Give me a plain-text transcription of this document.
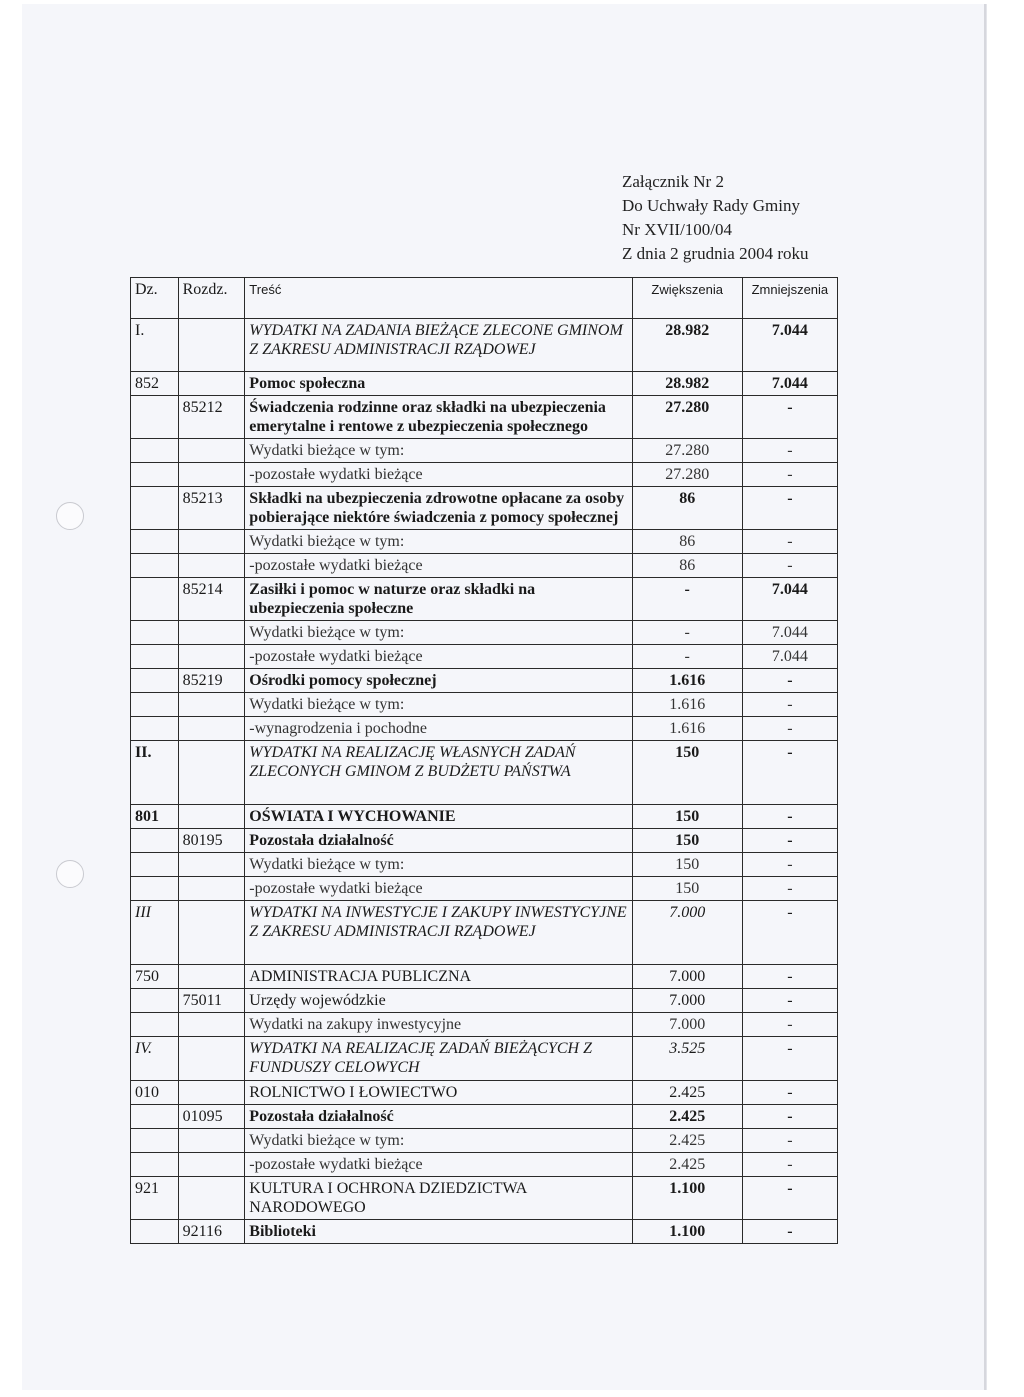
Załącznik Nr 2
Do Uchwały Rady Gminy
Nr XVII/100/04
Z dnia 2 grudnia 2004 roku
Dz.	Rozdz.	Treść	Zwiększenia	Zmniejszenia
I.		WYDATKI NA ZADANIA BIEŻĄCE ZLECONE GMINOM Z ZAKRESU ADMINISTRACJI RZĄDOWEJ	28.982	7.044
852		Pomoc społeczna	28.982	7.044
	85212	Świadczenia rodzinne oraz składki na ubezpieczenia emerytalne i rentowe z ubezpieczenia społecznego	27.280	-
		Wydatki bieżące w tym:	27.280	-
		-pozostałe wydatki bieżące	27.280	-
	85213	Składki na ubezpieczenia zdrowotne opłacane za osoby pobierające niektóre świadczenia z pomocy społecznej	86	-
		Wydatki bieżące w tym:	86	-
		-pozostałe wydatki bieżące	86	-
	85214	Zasiłki i pomoc w naturze oraz składki na ubezpieczenia społeczne	-	7.044
		Wydatki bieżące w tym:	-	7.044
		-pozostałe wydatki bieżące	-	7.044
	85219	Ośrodki pomocy społecznej	1.616	-
		Wydatki bieżące w tym:	1.616	-
		-wynagrodzenia i pochodne	1.616	-
II.		WYDATKI NA REALIZACJĘ WŁASNYCH ZADAŃ ZLECONYCH GMINOM Z BUDŻETU PAŃSTWA	150	-
801		OŚWIATA I WYCHOWANIE	150	-
	80195	Pozostała działalność	150	-
		Wydatki bieżące w tym:	150	-
		-pozostałe wydatki bieżące	150	-
III		WYDATKI NA INWESTYCJE I ZAKUPY INWESTYCYJNE Z ZAKRESU ADMINISTRACJI RZĄDOWEJ	7.000	-
750		ADMINISTRACJA PUBLICZNA	7.000	-
	75011	Urzędy wojewódzkie	7.000	-
		Wydatki na zakupy inwestycyjne	7.000	-
IV.		WYDATKI NA REALIZACJĘ ZADAŃ BIEŻĄCYCH Z FUNDUSZY CELOWYCH	3.525	-
010		ROLNICTWO I ŁOWIECTWO	2.425	-
	01095	Pozostała działalność	2.425	-
		Wydatki bieżące w tym:	2.425	-
		-pozostałe wydatki bieżące	2.425	-
921		KULTURA I OCHRONA DZIEDZICTWA NARODOWEGO	1.100	-
	92116	Biblioteki	1.100	-
